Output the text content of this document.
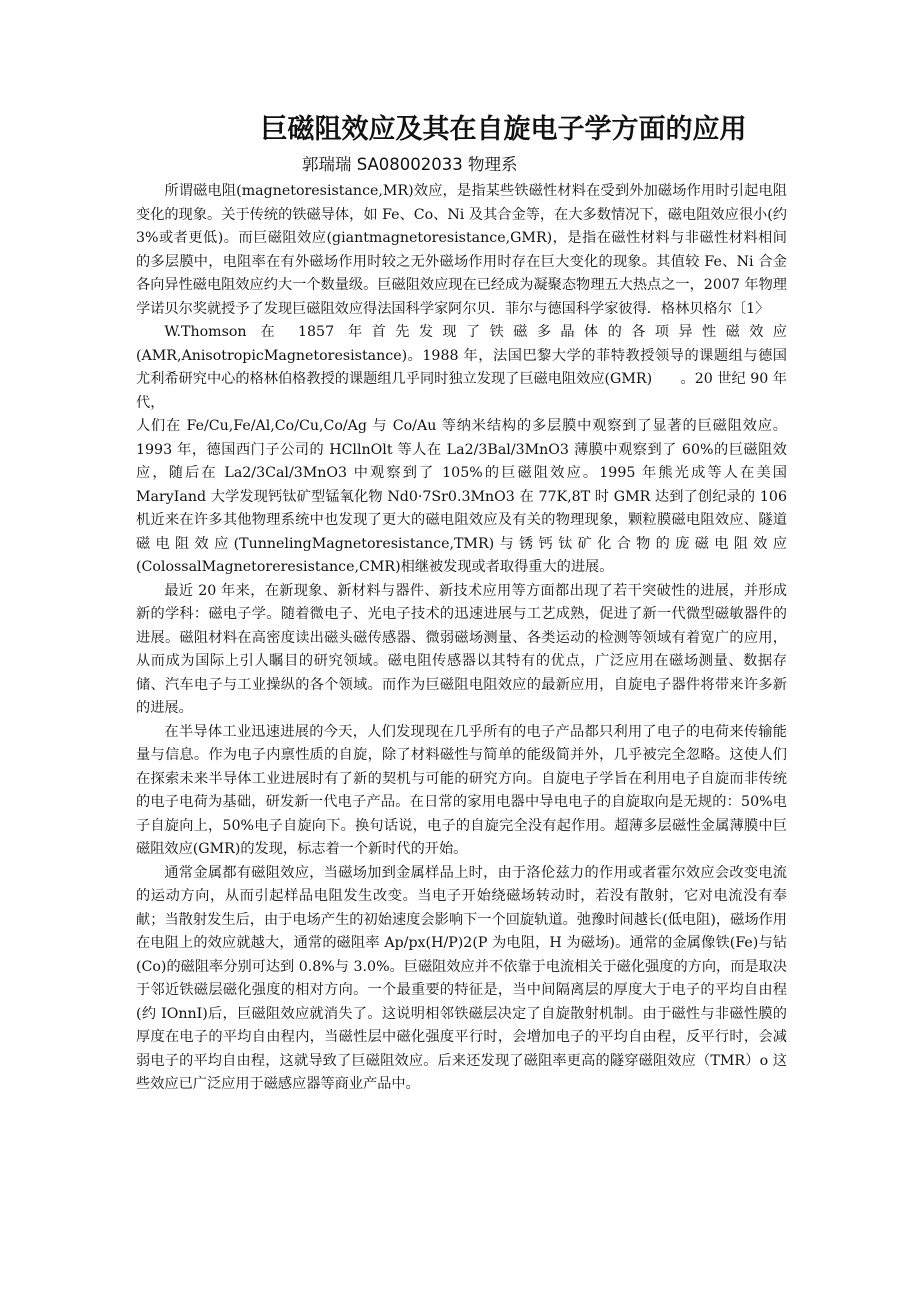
巨磁阻效应及其在自旋电子学方面的应用
郭瑞瑞 SA08002033 物理系

所谓磁电阻(magnetoresistance,MR)效应，是指某些铁磁性材料在受到外加磁场作用时引起电阻变化的现象。关于传统的铁磁导体，如 Fe、Co、Ni 及其合金等，在大多数情况下，磁电阻效应很小(约 3%或者更低)。而巨磁阻效应(giantmagnetoresistance,GMR)，是指在磁性材料与非磁性材料相间的多层膜中，电阻率在有外磁场作用时较之无外磁场作用时存在巨大变化的现象。其值较 Fe、Ni 合金各向异性磁电阻效应约大一个数量级。巨磁阻效应现在已经成为凝聚态物理五大热点之一，2007 年物理学诺贝尔奖就授予了发现巨磁阻效应得法国科学家阿尔贝．菲尔与德国科学家彼得．格林贝格尔〔1〉

W.Thomson 在 1857 年首先发现了铁磁多晶体的各项异性磁效应(AMR,AnisotropicMagnetoresistance)。1988 年，法国巴黎大学的菲特教授领导的课题组与德国尤利希研究中心的格林伯格教授的课题组几乎同时独立发现了巨磁电阻效应(GMR)　　。20 世纪 90 年代，

人们在 Fe/Cu,Fe/Al,Co/Cu,Co/Ag 与 Co/Au 等纳米结构的多层膜中观察到了显著的巨磁阻效应。1993 年，德国西门子公司的 HCllnOlt 等人在 La2/3Bal/3MnO3 薄膜中观察到了 60%的巨磁阻效应，随后在 La2/3Cal/3MnO3 中观察到了 105%的巨磁阻效应。1995 年熊光成等人在美国 MaryIand 大学发现钙钛矿型锰氧化物 Nd0·7Sr0.3MnO3 在 77K,8T 时 GMR 达到了创纪录的 106 机近来在许多其他物理系统中也发现了更大的磁电阻效应及有关的物理现象，颗粒膜磁电阻效应、隧道磁电阻效应(TunnelingMagnetoresistance,TMR)与锈钙钛矿化合物的庞磁电阻效应(ColossalMagnetoreresistance,CMR)相继被发现或者取得重大的进展。

最近 20 年来，在新现象、新材料与器件、新技术应用等方面都出现了若干突破性的进展，并形成新的学科：磁电子学。随着微电子、光电子技术的迅速进展与工艺成熟，促进了新一代微型磁敏器件的进展。磁阻材料在高密度读出磁头磁传感器、微弱磁场测量、各类运动的检测等领域有着宽广的应用，从而成为国际上引人瞩目的研究领域。磁电阻传感器以其特有的优点，广泛应用在磁场测量、数据存储、汽车电子与工业操纵的各个领域。而作为巨磁阻电阻效应的最新应用，自旋电子器件将带来许多新的进展。

在半导体工业迅速进展的今天，人们发现现在几乎所有的电子产品都只利用了电子的电荷来传输能量与信息。作为电子内禀性质的自旋，除了材料磁性与简单的能级简并外，几乎被完全忽略。这使人们在探索未来半导体工业进展时有了新的契机与可能的研究方向。自旋电子学旨在利用电子自旋而非传统的电子电荷为基础，研发新一代电子产品。在日常的家用电器中导电电子的自旋取向是无规的：50%电子自旋向上，50%电子自旋向下。换句话说，电子的自旋完全没有起作用。超薄多层磁性金属薄膜中巨磁阻效应(GMR)的发现，标志着一个新时代的开始。

通常金属都有磁阻效应，当磁场加到金属样品上时，由于洛伦兹力的作用或者霍尔效应会改变电流的运动方向，从而引起样品电阻发生改变。当电子开始绕磁场转动时，若没有散射，它对电流没有奉献；当散射发生后，由于电场产生的初始速度会影响下一个回旋轨道。弛豫时间越长(低电阻)，磁场作用在电阻上的效应就越大，通常的磁阻率 Ap/px(H/P)2(P 为电阻，H 为磁场)。通常的金属像铁(Fe)与钻(Co)的磁阻率分别可达到 0.8%与 3.0%。巨磁阻效应并不依靠于电流相关于磁化强度的方向，而是取决于邻近铁磁层磁化强度的相对方向。一个最重要的特征是，当中间隔离层的厚度大于电子的平均自由程(约 IOnnI)后，巨磁阻效应就消失了。这说明相邻铁磁层决定了自旋散射机制。由于磁性与非磁性膜的厚度在电子的平均自由程内，当磁性层中磁化强度平行时，会增加电子的平均自由程，反平行时，会减弱电子的平均自由程，这就导致了巨磁阻效应。后来还发现了磁阻率更高的隧穿磁阻效应（TMR）o 这些效应已广泛应用于磁感应器等商业产品中。
